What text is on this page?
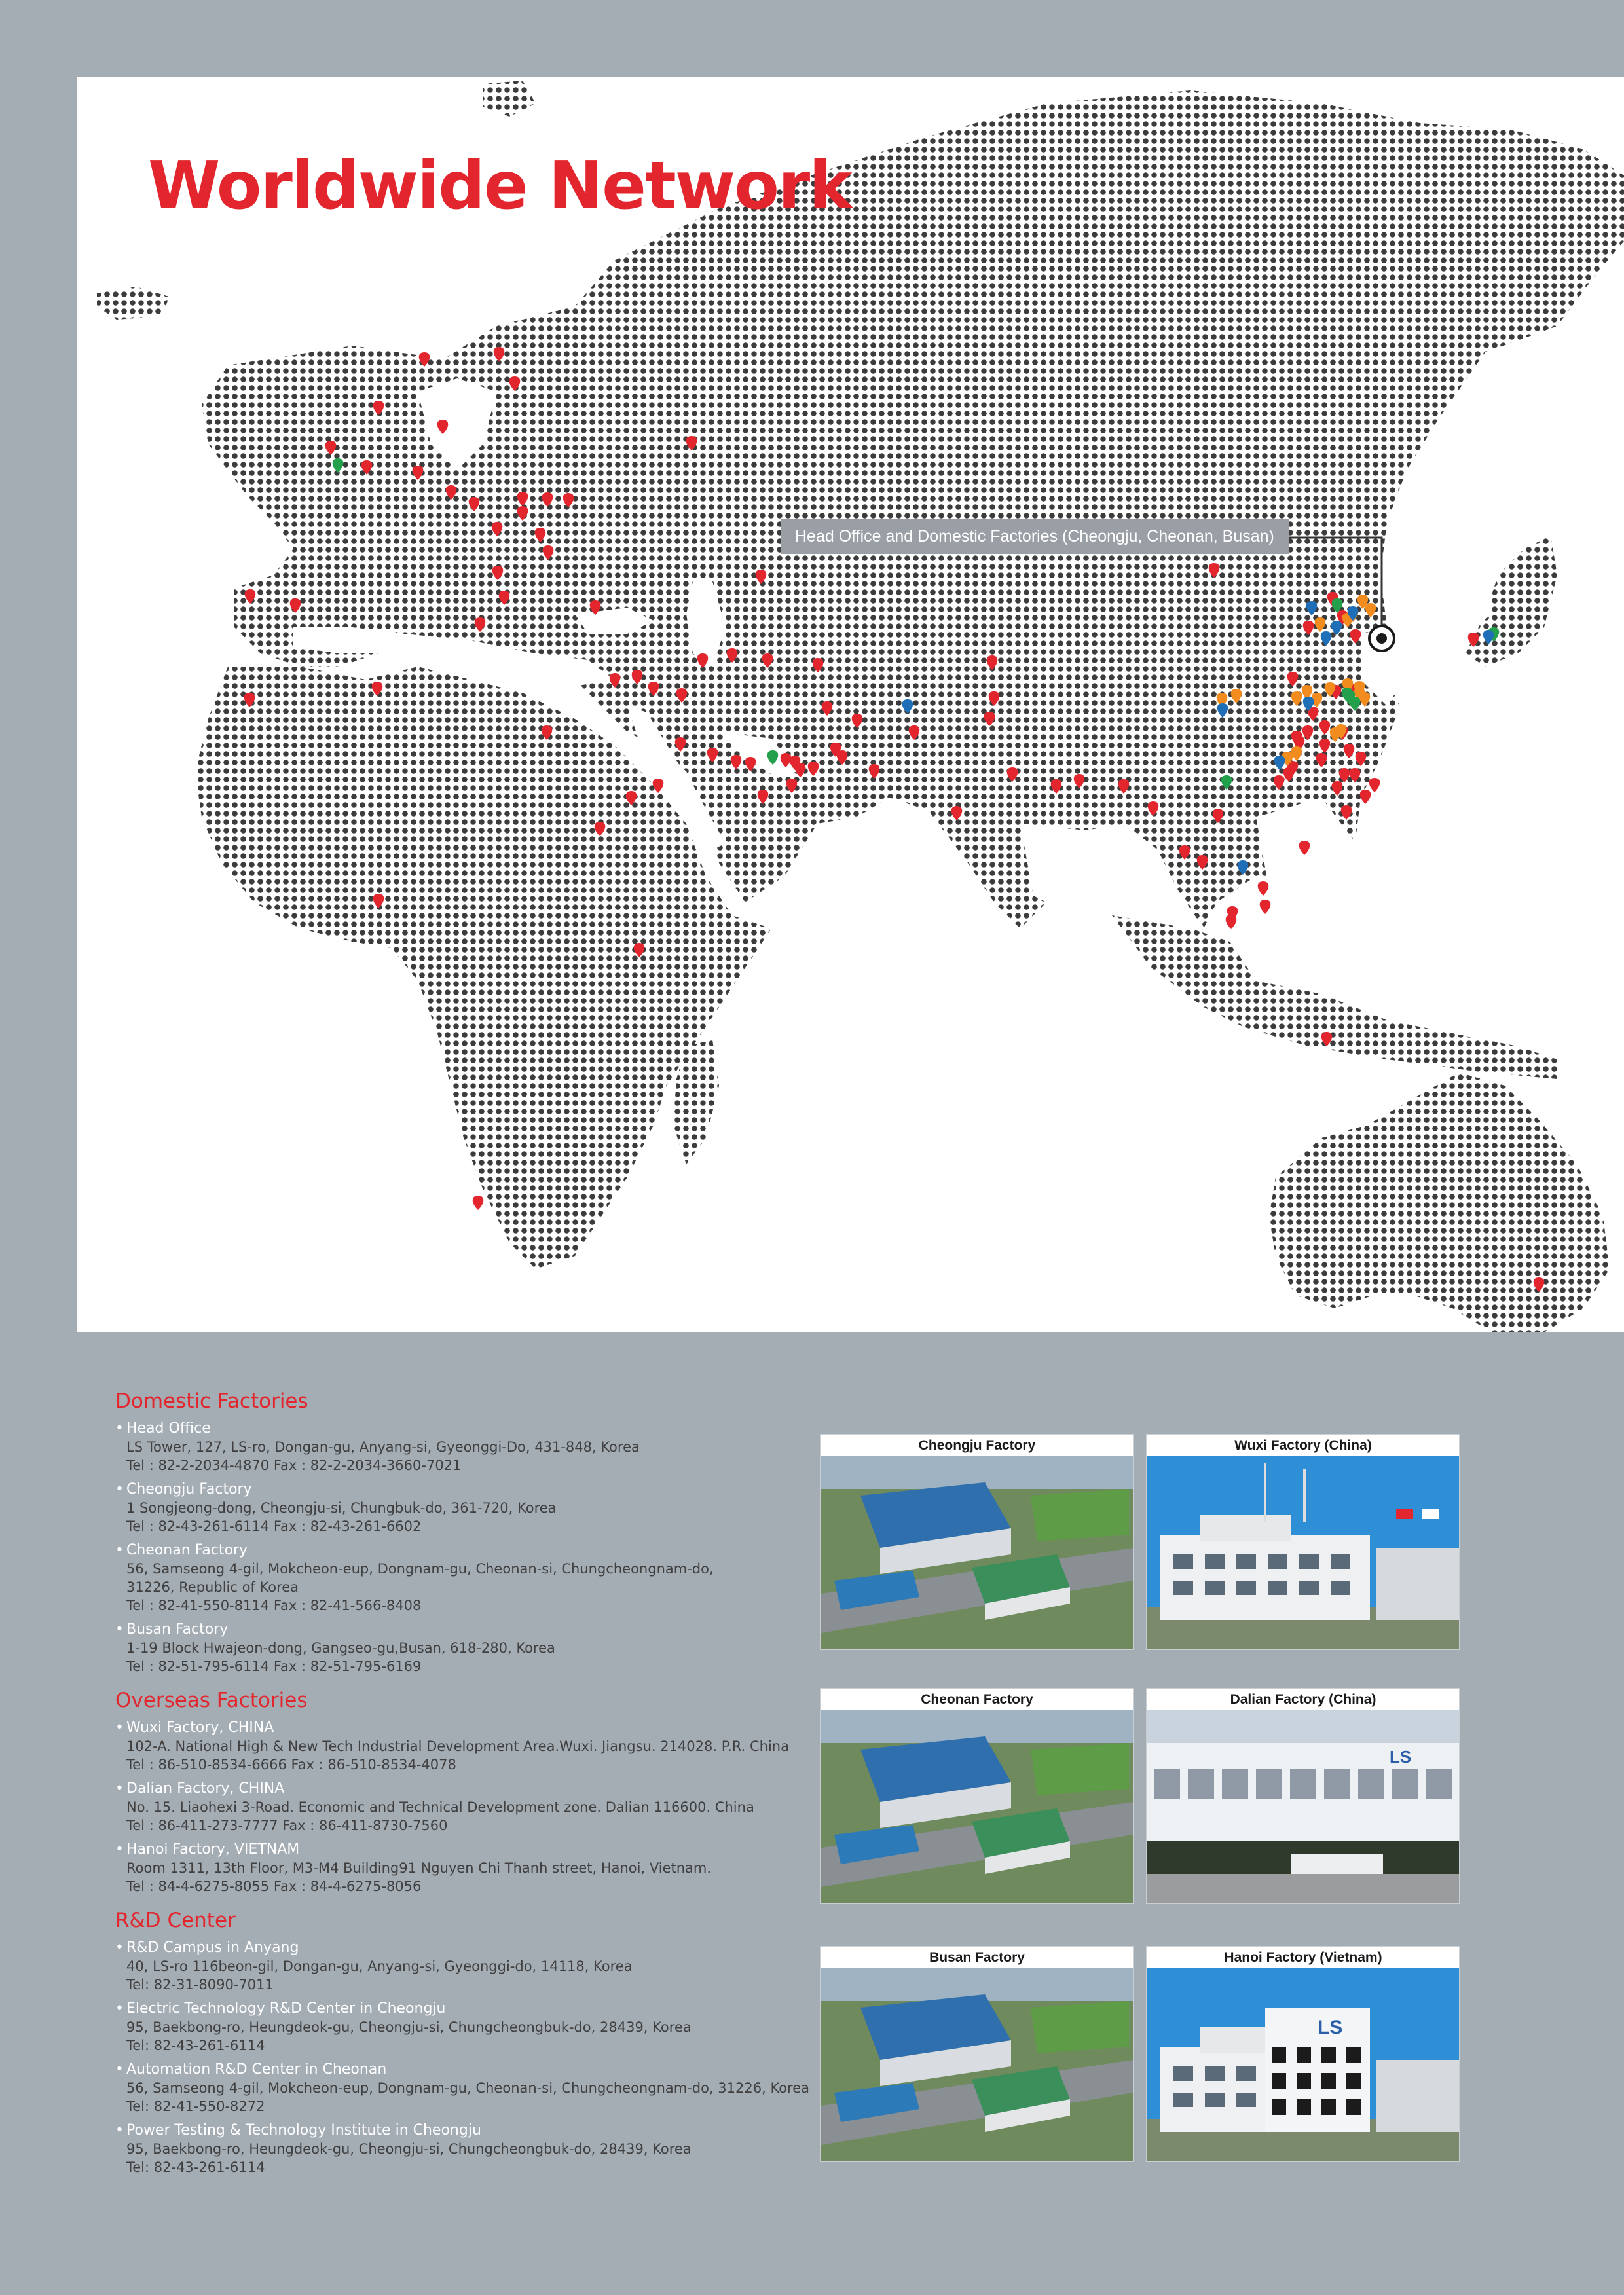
Worldwide Network
Head Office and Domestic Factories (Cheongju, Cheonan, Busan)
Domestic Factories
• Head Office
LS Tower, 127, LS-ro, Dongan-gu, Anyang-si, Gyeonggi-Do, 431-848, Korea
Tel : 82-2-2034-4870 Fax : 82-2-2034-3660-7021
• Cheongju Factory
1 Songjeong-dong, Cheongju-si, Chungbuk-do, 361-720, Korea
Tel : 82-43-261-6114 Fax : 82-43-261-6602
• Cheonan Factory
56, Samseong 4-gil, Mokcheon-eup, Dongnam-gu, Cheonan-si, Chungcheongnam-do,
31226, Republic of Korea
Tel : 82-41-550-8114 Fax : 82-41-566-8408
• Busan Factory
1-19 Block Hwajeon-dong, Gangseo-gu,Busan, 618-280, Korea
Tel : 82-51-795-6114 Fax : 82-51-795-6169
Overseas Factories
• Wuxi Factory, CHINA
102-A. National High & New Tech Industrial Development Area.Wuxi. Jiangsu. 214028. P.R. China
Tel : 86-510-8534-6666 Fax : 86-510-8534-4078
• Dalian Factory, CHINA
No. 15. Liaohexi 3-Road. Economic and Technical Development zone. Dalian 116600. China
Tel : 86-411-273-7777 Fax : 86-411-8730-7560
• Hanoi Factory, VIETNAM
Room 1311, 13th Floor, M3-M4 Building91 Nguyen Chi Thanh street, Hanoi, Vietnam.
Tel : 84-4-6275-8055 Fax : 84-4-6275-8056
R&D Center
• R&D Campus in Anyang
40, LS-ro 116beon-gil, Dongan-gu, Anyang-si, Gyeonggi-do, 14118, Korea
Tel: 82-31-8090-7011
• Electric Technology R&D Center in Cheongju
95, Baekbong-ro, Heungdeok-gu, Cheongju-si, Chungcheongbuk-do, 28439, Korea
Tel: 82-43-261-6114
• Automation R&D Center in Cheonan
56, Samseong 4-gil, Mokcheon-eup, Dongnam-gu, Cheonan-si, Chungcheongnam-do, 31226, Korea
Tel: 82-41-550-8272
• Power Testing & Technology Institute in Cheongju
95, Baekbong-ro, Heungdeok-gu, Cheongju-si, Chungcheongbuk-do, 28439, Korea
Tel: 82-43-261-6114
Cheongju Factory	Wuxi Factory (China)
Cheonan Factory	Dalian Factory (China)
LS
Busan Factory	Hanoi Factory (Vietnam)
LS
